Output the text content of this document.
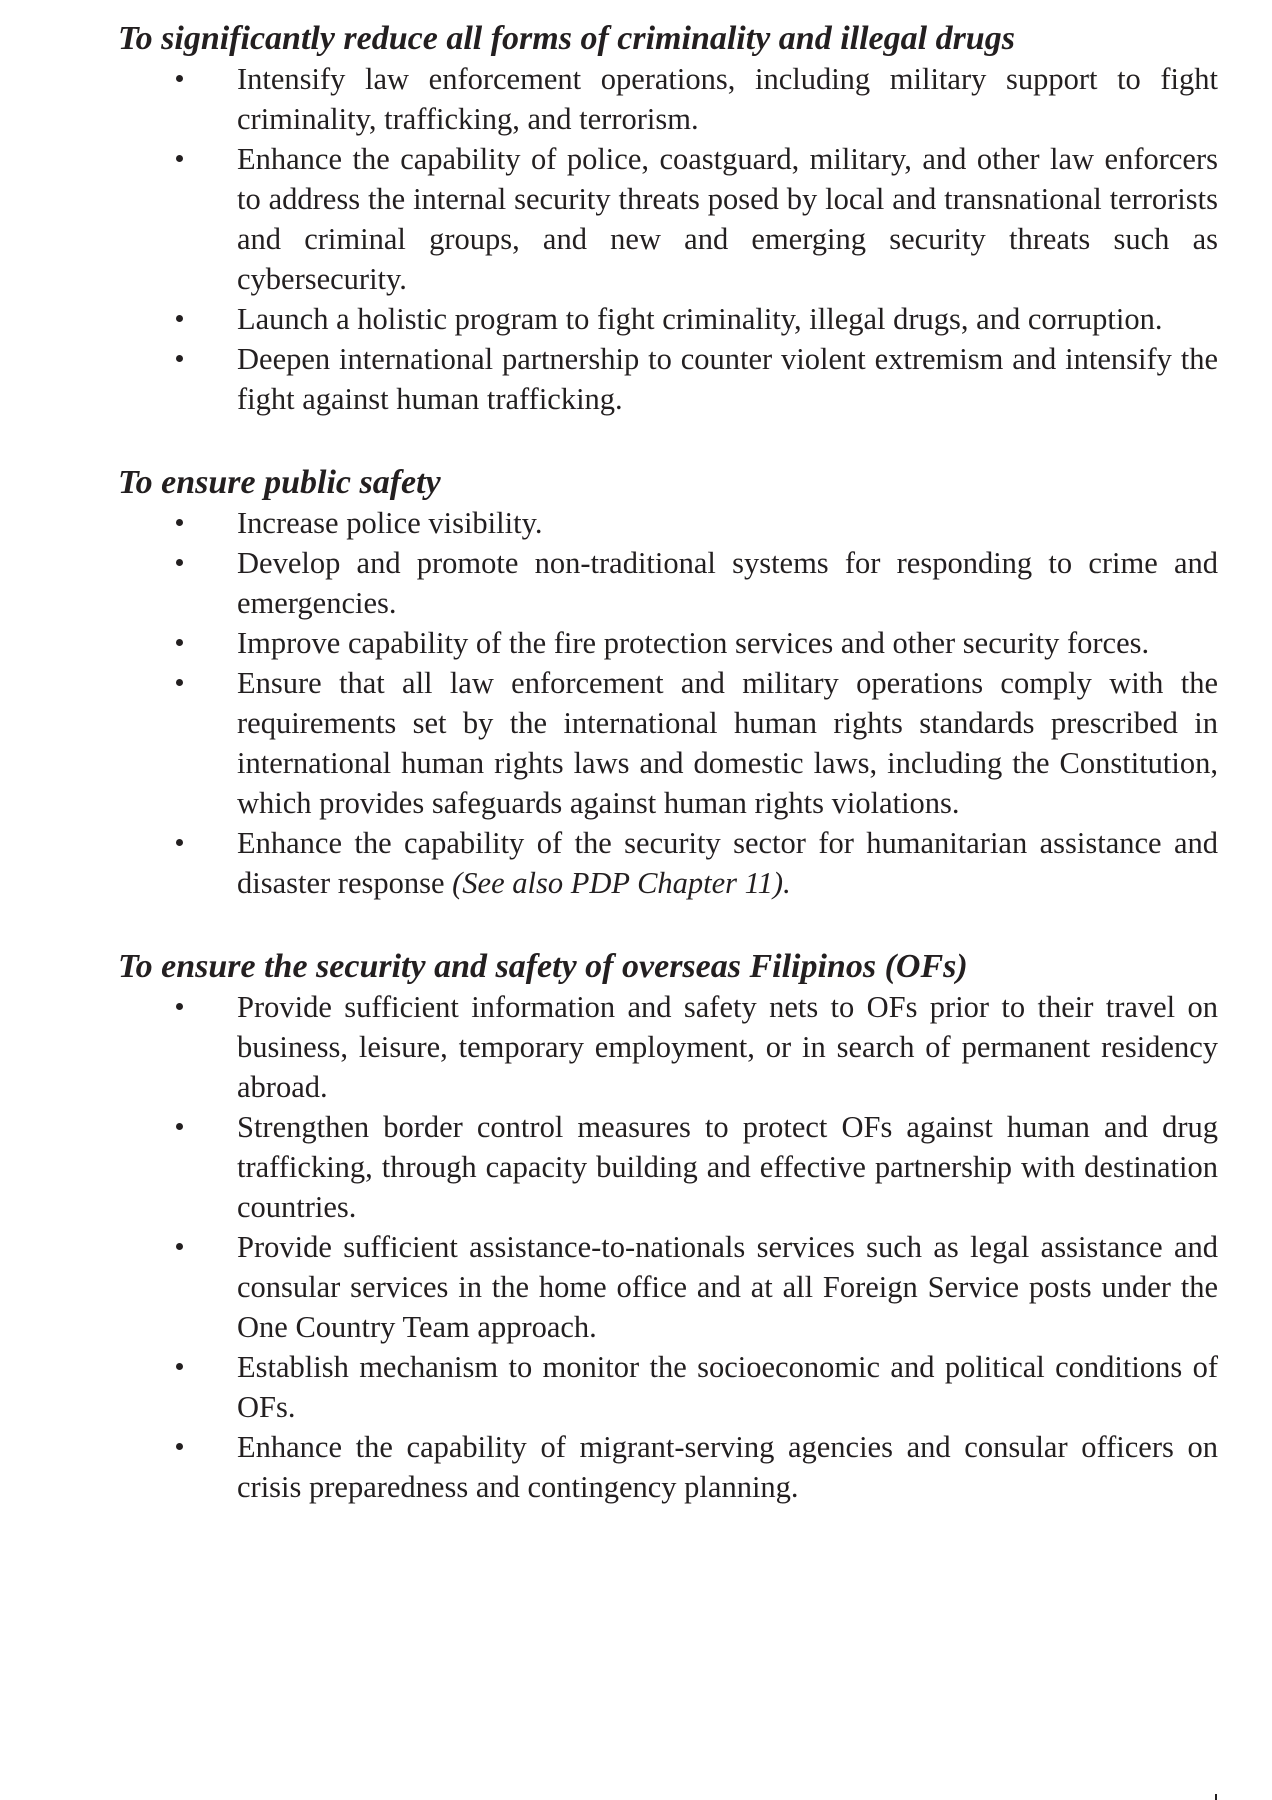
To significantly reduce all forms of criminality and illegal drugs
Intensify law enforcement operations, including military support to fight criminality, trafficking, and terrorism.
Enhance the capability of police, coastguard, military, and other law enforcers to address the internal security threats posed by local and transnational terrorists and criminal groups, and new and emerging security threats such as cybersecurity.
Launch a holistic program to fight criminality, illegal drugs, and corruption.
Deepen international partnership to counter violent extremism and intensify the fight against human trafficking.
To ensure public safety
Increase police visibility.
Develop and promote non-traditional systems for responding to crime and emergencies.
Improve capability of the fire protection services and other security forces.
Ensure that all law enforcement and military operations comply with the requirements set by the international human rights standards prescribed in international human rights laws and domestic laws, including the Constitution, which provides safeguards against human rights violations.
Enhance the capability of the security sector for humanitarian assistance and disaster response (See also PDP Chapter 11).
To ensure the security and safety of overseas Filipinos (OFs)
Provide sufficient information and safety nets to OFs prior to their travel on business, leisure, temporary employment, or in search of permanent residency abroad.
Strengthen border control measures to protect OFs against human and drug trafficking, through capacity building and effective partnership with destination countries.
Provide sufficient assistance-to-nationals services such as legal assistance and consular services in the home office and at all Foreign Service posts under the One Country Team approach.
Establish mechanism to monitor the socioeconomic and political conditions of OFs.
Enhance the capability of migrant-serving agencies and consular officers on crisis preparedness and contingency planning.
